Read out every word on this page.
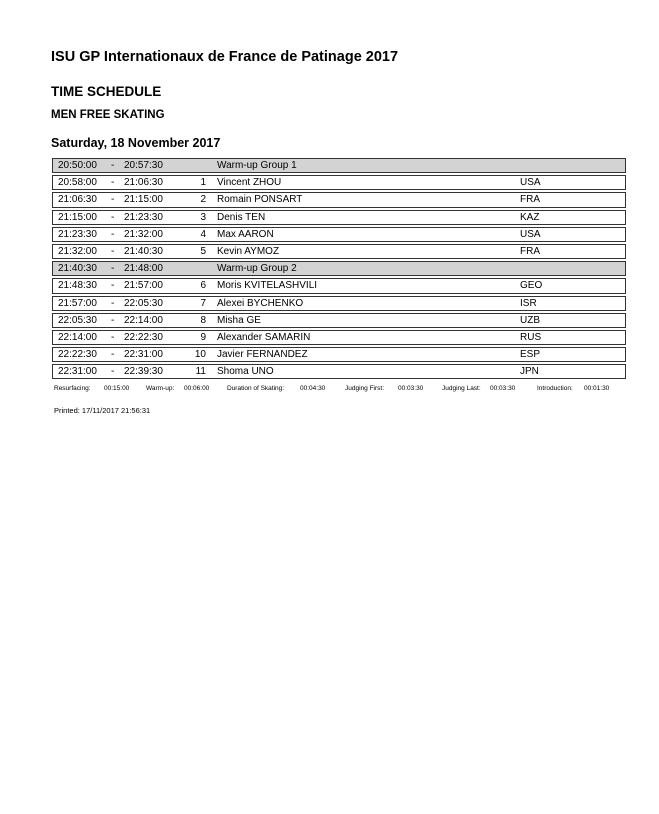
ISU GP Internationaux de France de Patinage 2017
TIME SCHEDULE
MEN FREE SKATING
Saturday, 18 November 2017
20:50:00 - 20:57:30	Warm-up Group 1
20:58:00 - 21:06:30	1 Vincent ZHOU	USA
21:06:30 - 21:15:00	2 Romain PONSART	FRA
21:15:00 - 21:23:30	3 Denis TEN	KAZ
21:23:30 - 21:32:00	4 Max AARON	USA
21:32:00 - 21:40:30	5 Kevin AYMOZ	FRA
21:40:30 - 21:48:00	Warm-up Group 2
21:48:30 - 21:57:00	6 Moris KVITELASHVILI	GEO
21:57:00 - 22:05:30	7 Alexei BYCHENKO	ISR
22:05:30 - 22:14:00	8 Misha GE	UZB
22:14:00 - 22:22:30	9 Alexander SAMARIN	RUS
22:22:30 - 22:31:00	10 Javier FERNANDEZ	ESP
22:31:00 - 22:39:30	11 Shoma UNO	JPN
Resurfacing: 00:15:00	Warm-up: 00:06:00	Duration of Skating: 00:04:30	Judging First: 00:03:30	Judging Last: 00:03:30	Introduction: 00:01:30
Printed: 17/11/2017 21:56:31
